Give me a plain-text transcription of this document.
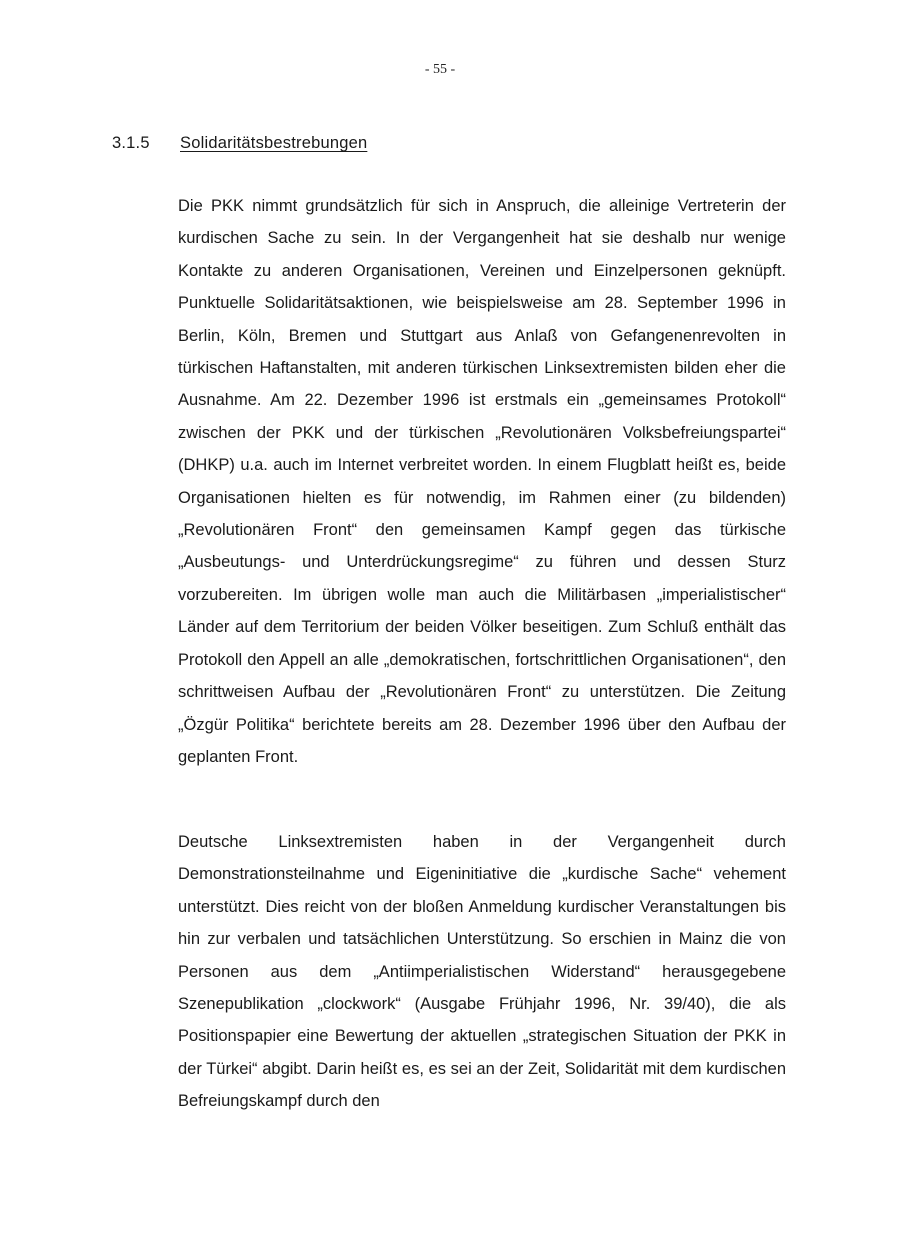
- 55 -
3.1.5 Solidaritätsbestrebungen

Die PKK nimmt grundsätzlich für sich in Anspruch, die alleinige Vertreterin der kurdischen Sache zu sein. In der Vergangenheit hat sie deshalb nur wenige Kontakte zu anderen Organisationen, Vereinen und Einzelpersonen geknüpft. Punktuelle Solidaritätsaktionen, wie beispielsweise am 28. September 1996 in Berlin, Köln, Bremen und Stuttgart aus Anlaß von Gefangenenrevolten in türkischen Haftanstalten, mit anderen türkischen Linksextremisten bilden eher die Ausnahme. Am 22. Dezember 1996 ist erstmals ein „gemeinsames Protokoll“ zwischen der PKK und der türkischen „Revolutionären Volksbefreiungspartei“ (DHKP) u.a. auch im Internet verbreitet worden. In einem Flugblatt heißt es, beide Organisationen hielten es für notwendig, im Rahmen einer (zu bildenden) „Revolutionären Front“ den gemeinsamen Kampf gegen das türkische „Ausbeutungs- und Unterdrückungsregime“ zu führen und dessen Sturz vorzubereiten. Im übrigen wolle man auch die Militärbasen „imperialistischer“ Länder auf dem Territorium der beiden Völker beseitigen. Zum Schluß enthält das Protokoll den Appell an alle „demokratischen, fortschrittlichen Organisationen“, den schrittweisen Aufbau der „Revolutionären Front“ zu unterstützen. Die Zeitung „Özgür Politika“ berichtete bereits am 28. Dezember 1996 über den Aufbau der geplanten Front.

Deutsche Linksextremisten haben in der Vergangenheit durch Demonstrationsteilnahme und Eigeninitiative die „kurdische Sache“ vehement unterstützt. Dies reicht von der bloßen Anmeldung kurdischer Veranstaltungen bis hin zur verbalen und tatsächlichen Unterstützung. So erschien in Mainz die von Personen aus dem „Antiimperialistischen Widerstand“ herausgegebene Szenepublikation „clockwork“ (Ausgabe Frühjahr 1996, Nr. 39/40), die als Positionspapier eine Bewertung der aktuellen „strategischen Situation der PKK in der Türkei“ abgibt. Darin heißt es, es sei an der Zeit, Solidarität mit dem kurdischen Befreiungskampf durch den
